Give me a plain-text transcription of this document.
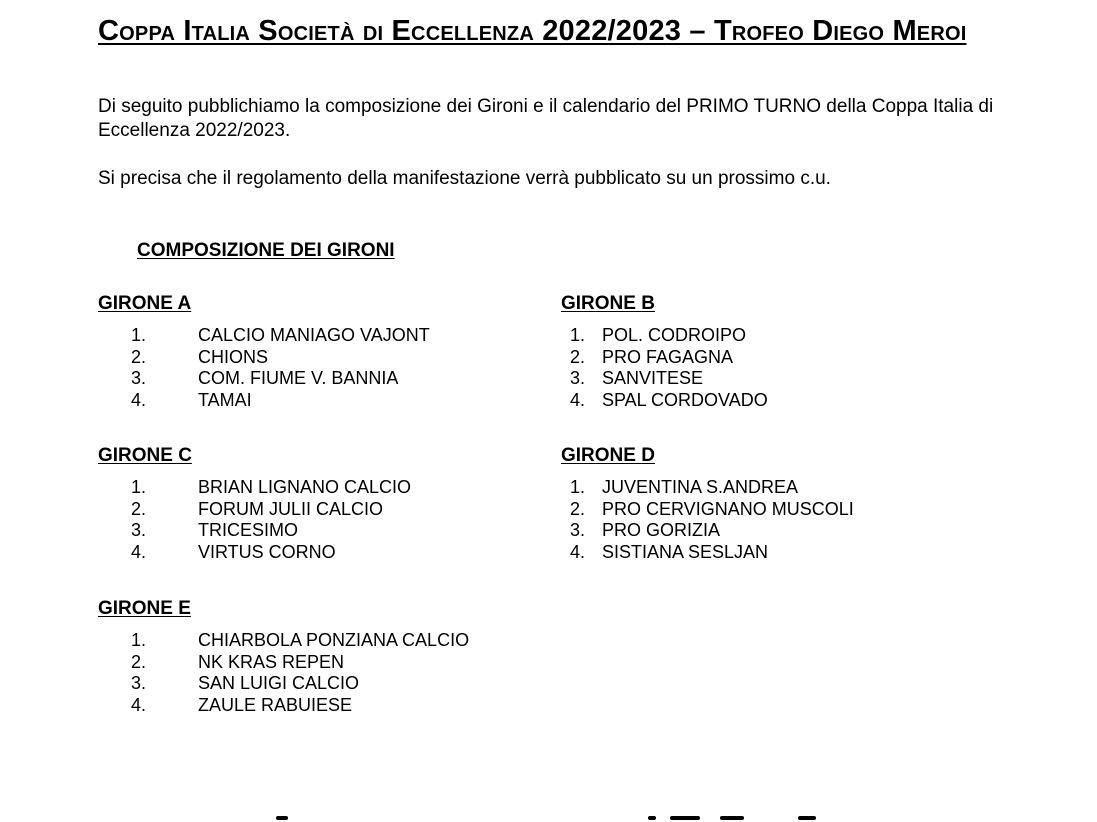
Coppa Italia Società di Eccellenza 2022/2023 – Trofeo Diego Meroi

Di seguito pubblichiamo la composizione dei Gironi e il calendario del PRIMO TURNO della Coppa Italia di Eccellenza 2022/2023.

Si precisa che il regolamento della manifestazione verrà pubblicato su un prossimo c.u.

COMPOSIZIONE DEI GIRONI
GIRONE A
1.	CALCIO MANIAGO VAJONT
2.	CHIONS
3.	COM. FIUME V. BANNIA
4.	TAMAI
GIRONE B
1. POL. CODROIPO
2. PRO FAGAGNA
3. SANVITESE
4. SPAL CORDOVADO
GIRONE C
1.	BRIAN LIGNANO CALCIO
2.	FORUM JULII CALCIO
3.	TRICESIMO
4.	VIRTUS CORNO
GIRONE D
1. JUVENTINA S.ANDREA
2. PRO CERVIGNANO MUSCOLI
3. PRO GORIZIA
4. SISTIANA SESLJAN
GIRONE E
1.	CHIARBOLA PONZIANA CALCIO
2.	NK KRAS REPEN
3.	SAN LUIGI CALCIO
4.	ZAULE RABUIESE
